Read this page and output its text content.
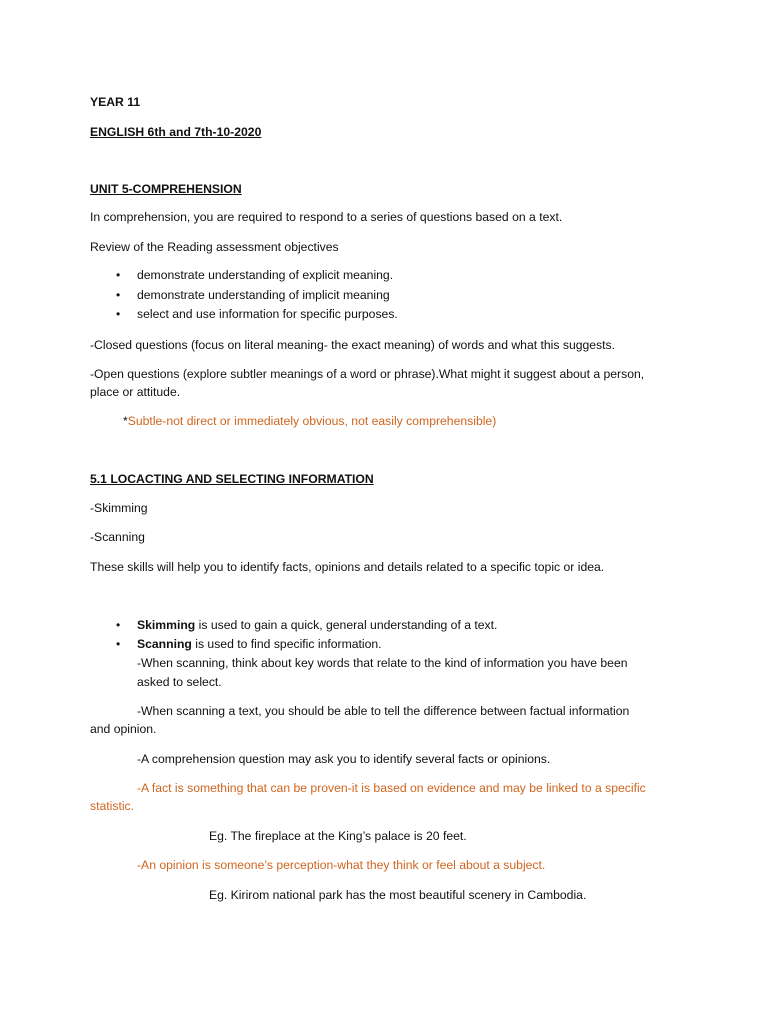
YEAR 11
ENGLISH 6th and 7th-10-2020
UNIT 5-COMPREHENSION
In comprehension, you are required to respond to a series of questions based on a text.
Review of the Reading assessment objectives
• demonstrate understanding of explicit meaning.
• demonstrate understanding of implicit meaning
• select and use information for specific purposes.
-Closed questions (focus on literal meaning- the exact meaning) of words and what this suggests.
-Open questions (explore subtler meanings of a word or phrase).What might it suggest about a person,
place or attitude.
*Subtle-not direct or immediately obvious, not easily comprehensible)
5.1 LOCACTING AND SELECTING INFORMATION
-Skimming
-Scanning
These skills will help you to identify facts, opinions and details related to a specific topic or idea.
• Skimming is used to gain a quick, general understanding of a text.
• Scanning is used to find specific information.
-When scanning, think about key words that relate to the kind of information you have been
asked to select.
-When scanning a text, you should be able to tell the difference between factual information
and opinion.
-A comprehension question may ask you to identify several facts or opinions.
-A fact is something that can be proven-it is based on evidence and may be linked to a specific
statistic.
Eg. The fireplace at the King’s palace is 20 feet.
-An opinion is someone’s perception-what they think or feel about a subject.
Eg. Kirirom national park has the most beautiful scenery in Cambodia.
